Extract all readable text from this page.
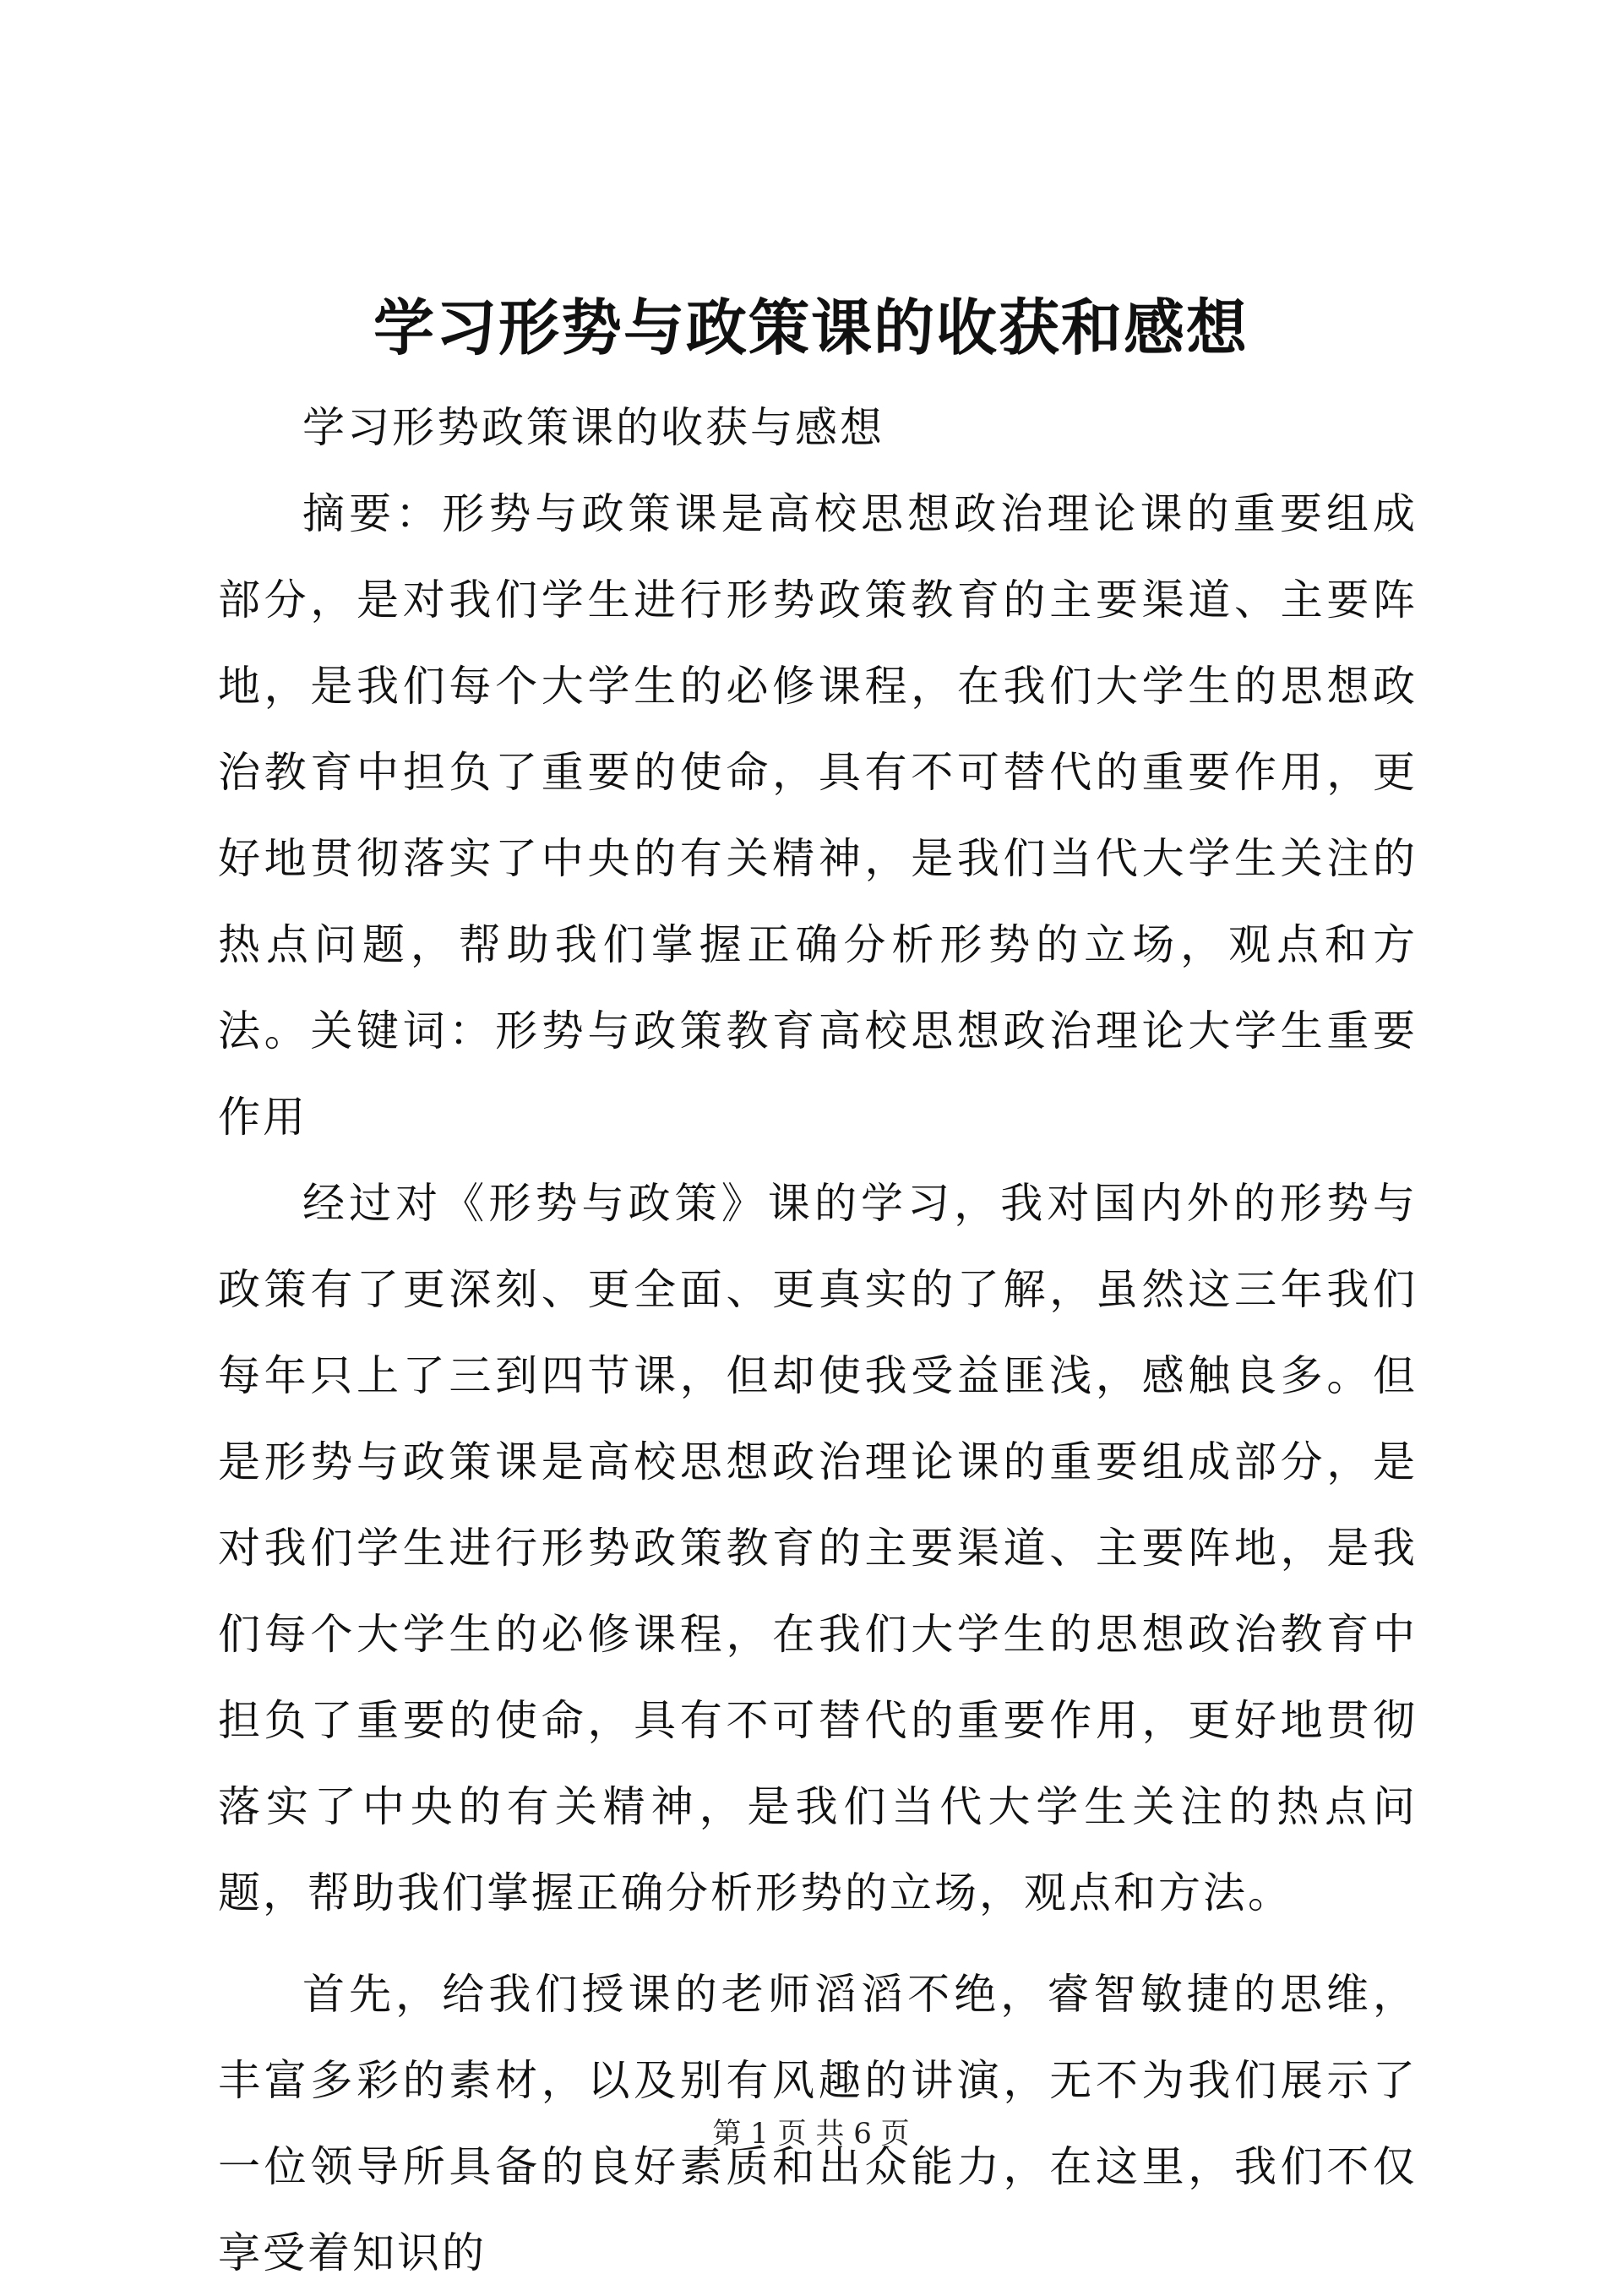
学习形势与政策课的收获和感想

学习形势政策课的收获与感想

摘要：形势与政策课是高校思想政治理论课的重要组成部分，是对我们学生进行形势政策教育的主要渠道、主要阵地，是我们每个大学生的必修课程，在我们大学生的思想政治教育中担负了重要的使命，具有不可替代的重要作用，更好地贯彻落实了中央的有关精神，是我们当代大学生关注的热点问题，帮助我们掌握正确分析形势的立场，观点和方法。关键词：形势与政策教育高校思想政治理论大学生重要作用

经过对《形势与政策》课的学习，我对国内外的形势与政策有了更深刻、更全面、更真实的了解，虽然这三年我们每年只上了三到四节课，但却使我受益匪浅，感触良多。但是形势与政策课是高校思想政治理论课的重要组成部分，是对我们学生进行形势政策教育的主要渠道、主要阵地，是我们每个大学生的必修课程，在我们大学生的思想政治教育中担负了重要的使命，具有不可替代的重要作用，更好地贯彻落实了中央的有关精神，是我们当代大学生关注的热点问题，帮助我们掌握正确分析形势的立场，观点和方法。

首先，给我们授课的老师滔滔不绝，睿智敏捷的思维，丰富多彩的素材，以及别有风趣的讲演，无不为我们展示了一位领导所具备的良好素质和出众能力，在这里，我们不仅享受着知识的

第 1 页 共 6 页
